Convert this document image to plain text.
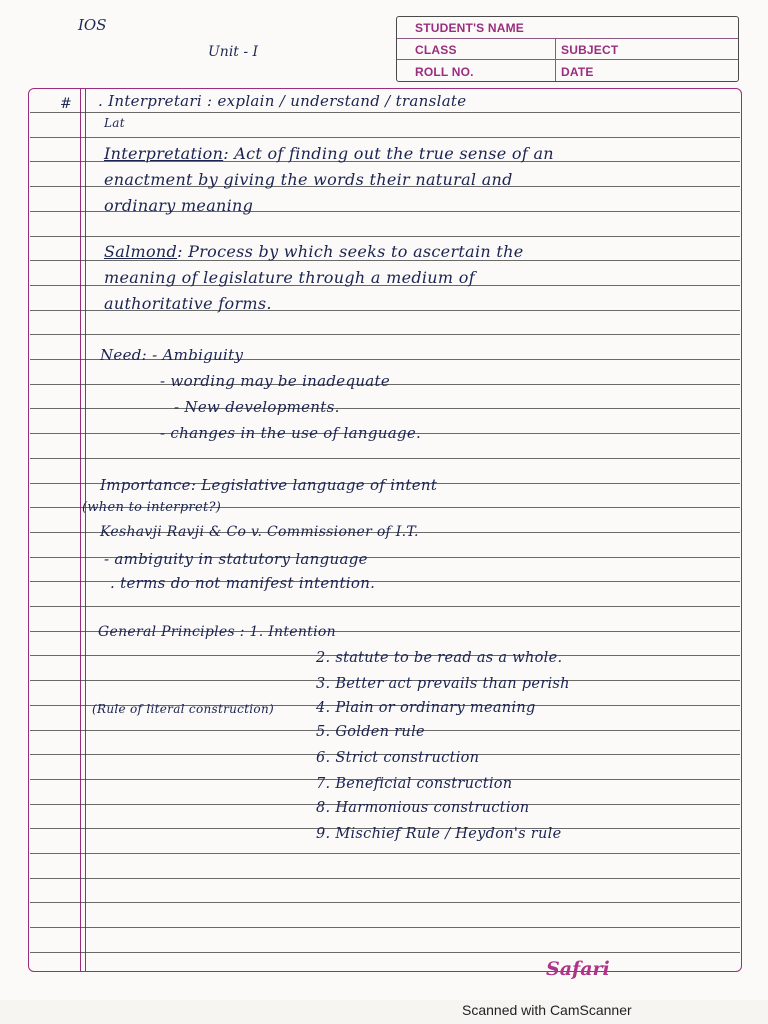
IOS
Unit - I
STUDENT'S NAME
CLASS	SUBJECT
ROLL NO.	DATE
# . Interpretari : explain / understand / translate
Lat
Interpretation: Act of finding out the true sense of an
enactment by giving the words their natural and
ordinary meaning
Salmond: Process by which seeks to ascertain the
meaning of legislature through a medium of
authoritative forms.
Need: - Ambiguity
- wording may be inadequate
- New developments.
- changes in the use of language.
Importance: Legislative language of intent
(when to interpret?)
Keshavji Ravji & Co v. Commissioner of I.T.
- ambiguity in statutory language
. terms do not manifest intention.
General Principles : 1. Intention
2. statute to be read as a whole.
3. Better act prevails than perish
(Rule of literal construction)	4. Plain or ordinary meaning
5. Golden rule
6. Strict construction
7. Beneficial construction
8. Harmonious construction
9. Mischief Rule / Heydon's rule
Safari
Scanned with CamScanner
